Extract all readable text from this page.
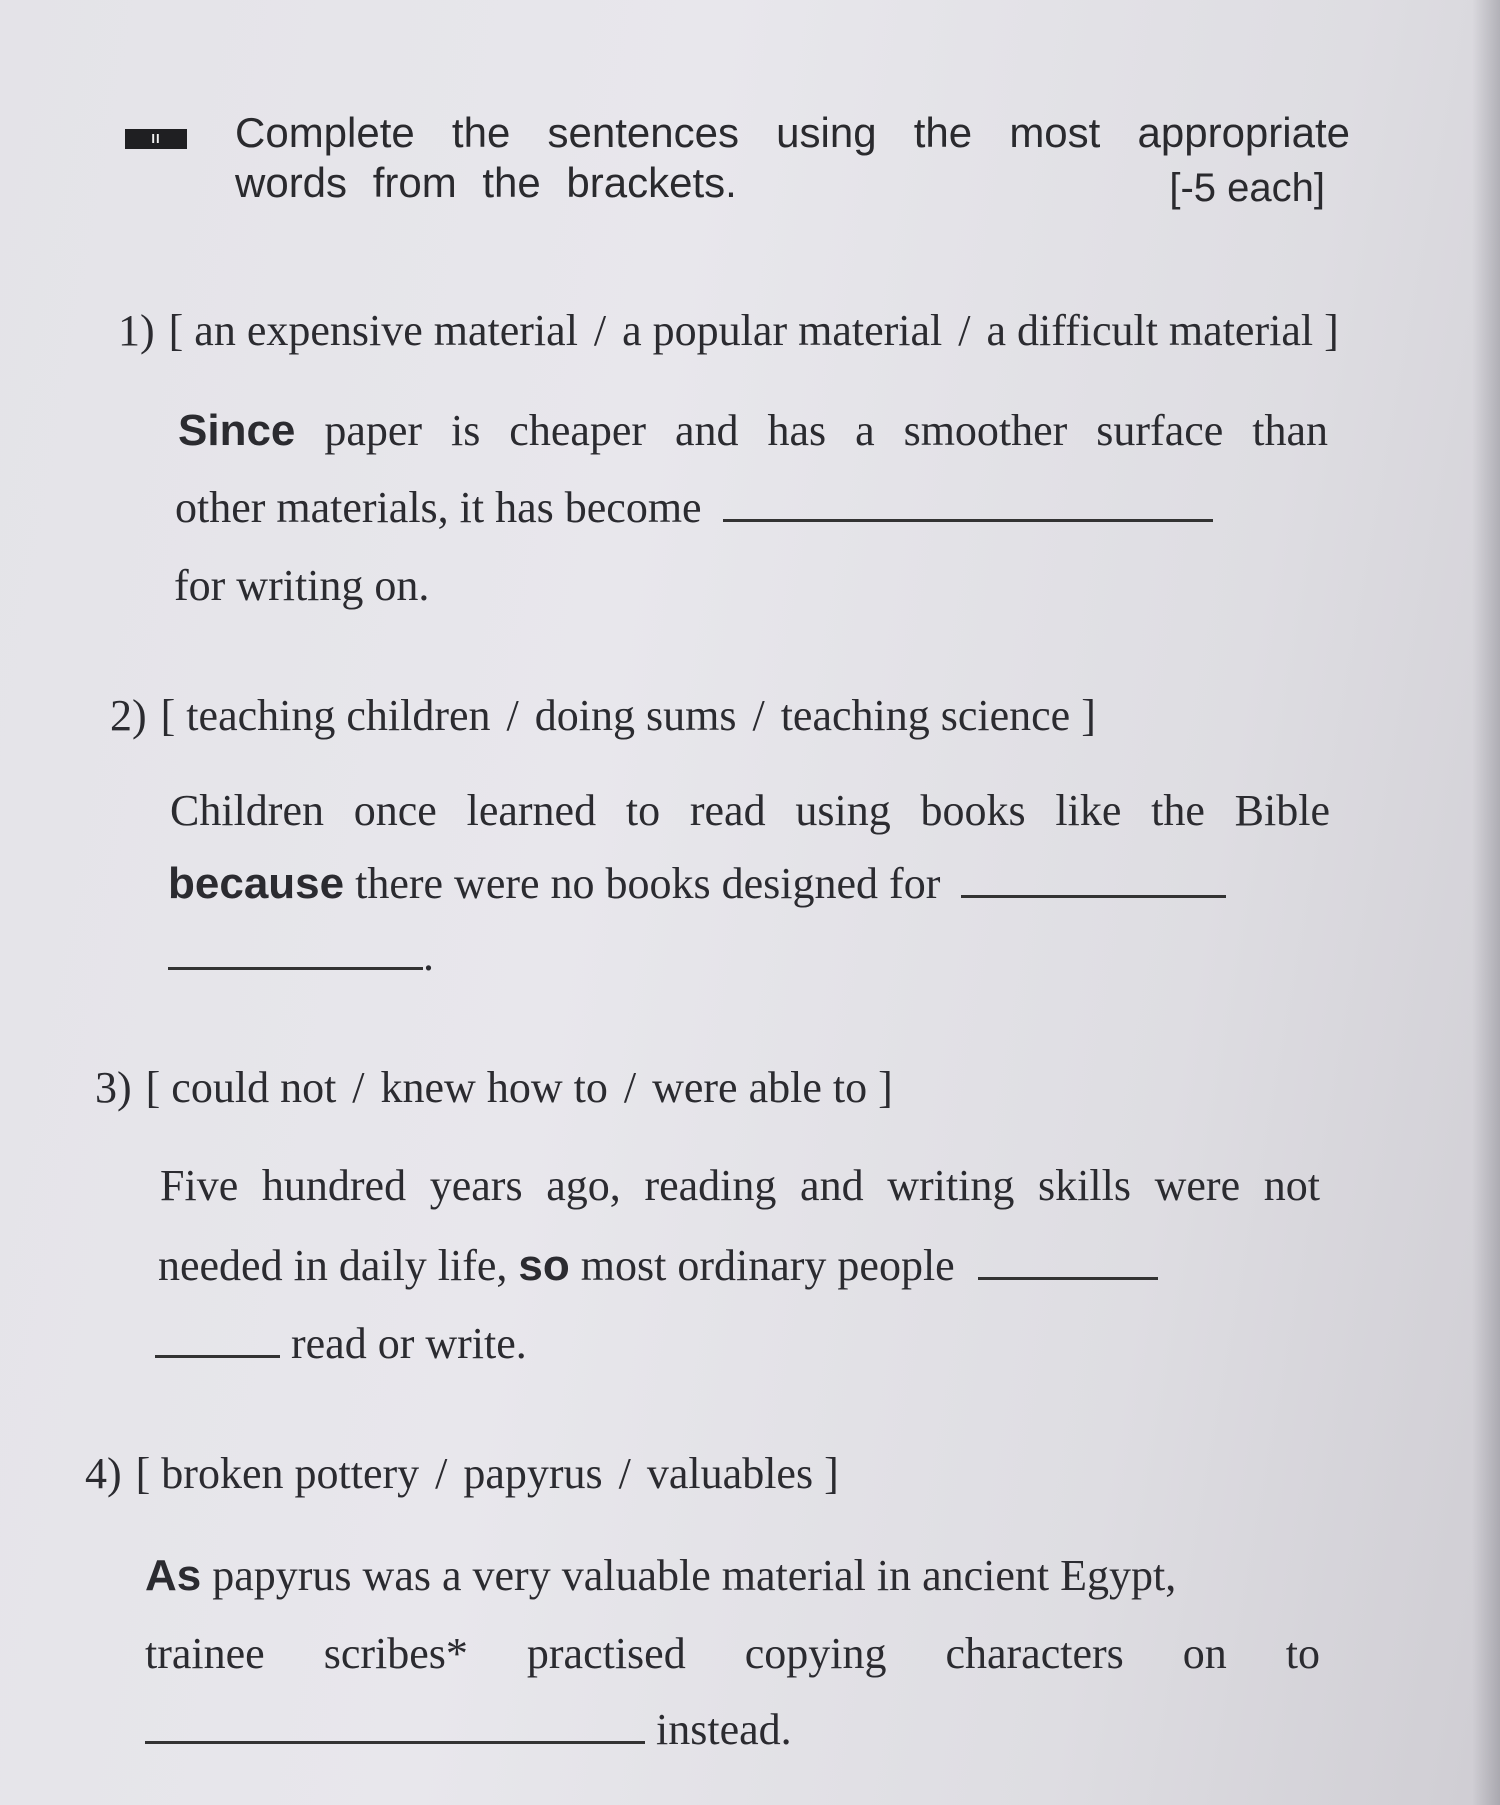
II	Complete the sentences using the most appropriate words from the brackets.	[-5 each]
1) [ an expensive material / a popular material / a difficult material ]
Since paper is cheaper and has a smoother surface than
other materials, it has become
for writing on.
2) [ teaching children / doing sums / teaching science ]
Children once learned to read using books like the Bible
because there were no books designed for
.
3) [ could not / knew how to / were able to ]
Five hundred years ago, reading and writing skills were not
needed in daily life, so most ordinary people
read or write.
4) [ broken pottery / papyrus / valuables ]
As papyrus was a very valuable material in ancient Egypt,
trainee scribes* practised copying characters on to
instead.
